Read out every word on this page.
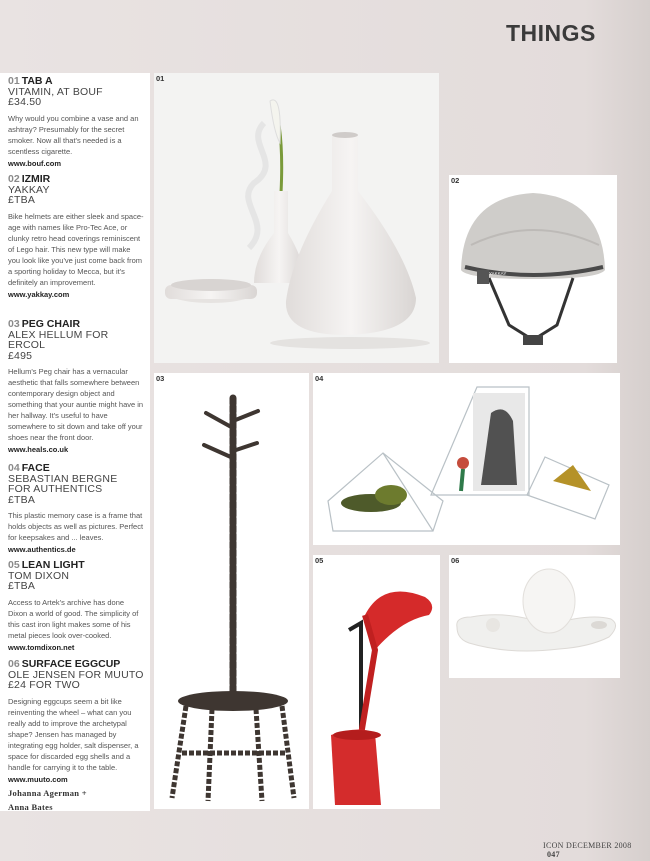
THINGS
01 TAB A
VITAMIN, AT BOUF
£34.50
Why would you combine a vase and an ashtray? Presumably for the secret smoker. Now all that's needed is a scentless cigarette.
www.bouf.com
02 IZMIR
YAKKAY
£TBA
Bike helmets are either sleek and space-age with names like Pro-Tec Ace, or clunky retro head coverings reminiscent of Lego hair. This new type will make you look like you've just come back from a sporting holiday to Mecca, but it's definitely an improvement.
www.yakkay.com
03 PEG CHAIR
ALEX HELLUM FOR ERCOL
£495
Hellum's Peg chair has a vernacular aesthetic that falls somewhere between contemporary design object and something that your auntie might have in her hallway. It's useful to have somewhere to sit down and take off your shoes near the front door.
www.heals.co.uk
04 FACE
SEBASTIAN BERGNE
FOR AUTHENTICS
£TBA
This plastic memory case is a frame that holds objects as well as pictures. Perfect for keepsakes and ... leaves.
www.authentics.de
05 LEAN LIGHT
TOM DIXON
£TBA
Access to Artek's archive has done Dixon a world of good. The simplicity of this cast iron light makes some of his metal pieces look over-cooked.
www.tomdixon.net
06 SURFACE EGGCUP
OLE JENSEN FOR MUUTO
£24 FOR TWO
Designing eggcups seem a bit like reinventing the wheel – what can you really add to improve the archetypal shape? Jensen has managed by integrating egg holder, salt dispenser, a space for discarded egg shells and a handle for carrying it to the table.
www.muuto.com
Johanna Agerman +
Anna Bates
01
02
YAKKAY
03	04
05	06
ICON DECEMBER 2008 047
